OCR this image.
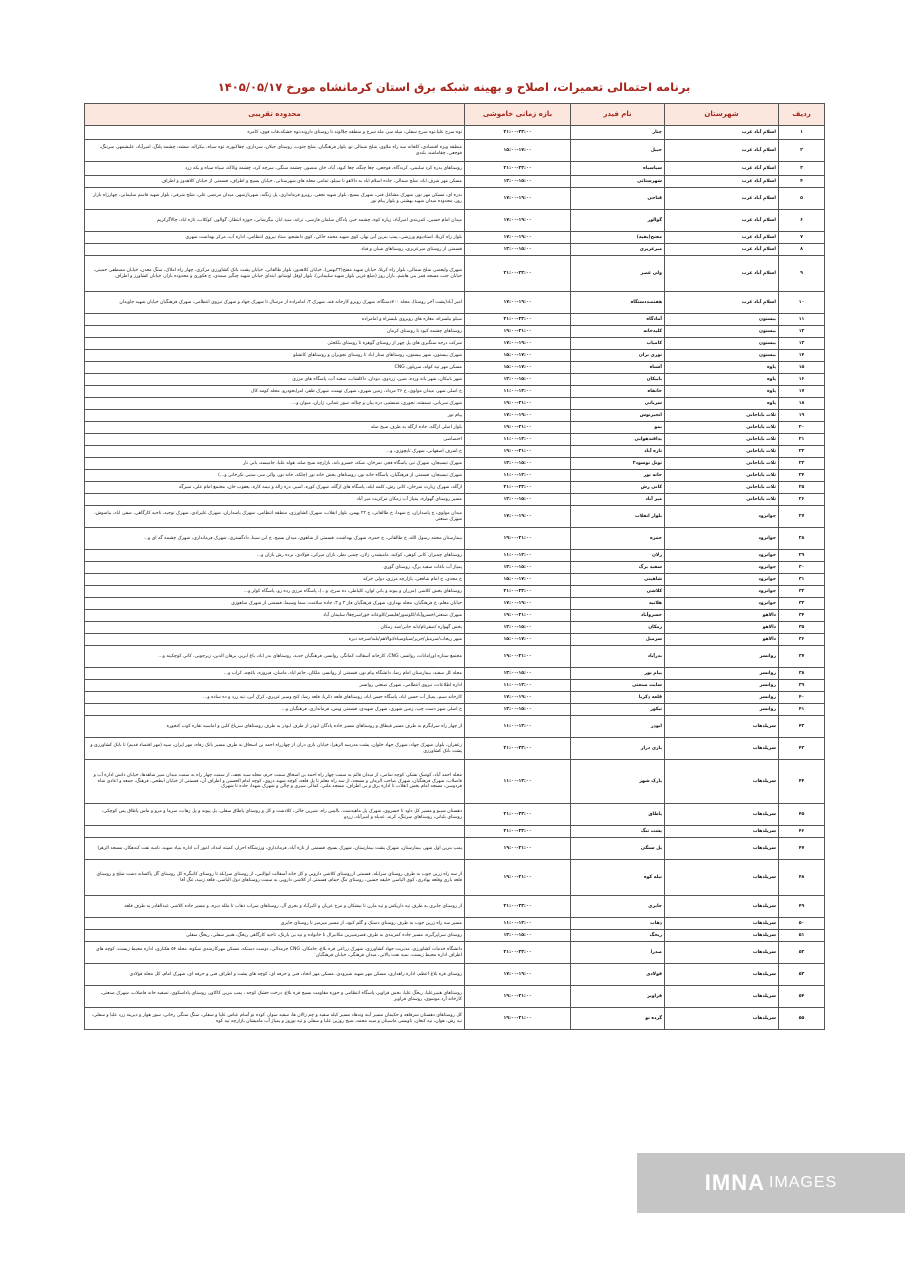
برنامه احتمالی تعمیرات، اصلاح و بهینه شبکه برق استان کرمانشاه مورخ ۱۴۰۵/۰۵/۱۷
ردیف	شهرستان	نام فیدر	بازه زمانی خاموشی	محدوده تقریبی
۱	اسلام آباد غرب	چنار	۲۱:۰۰-۲۳:۰۰	توه سرخ علیا،توه سرخ سفلی، میله سر، مله سرخ و منطقه جلالوند تا روستای داروند،توه خشکه،قاب قوی، کامره
۲	اسلام آباد غرب	حبیل	۱۵:۰۰-۱۷:۰۰	منطقه ویژه اقتصادی، کلخانه سه راه ملاوی، شلخ شمالی نو، بلوار فرهنگیان، شلخ جنوب، روستای جیلان، سرداری، چقاکبوره، توه سیاه، بیکراله، ششه، چشمه پلنگ، امیرآباد، علیشمهر، سرتنگ، فوجعی، چقاماشه، بلندی
۳	اسلام آباد غرب	سیاسیاه	۲۱:۰۰-۲۳:۰۰	روستاهای بدره کرد سلیمی، کرندگاه، فوجعی، چغا چنگه، چغا کبود، آباد، خان منصور، چشمه سنگی، سرچه کرد، چشمه وکاکه، سیاه سیاه و یکه زرد
۴	اسلام آباد غرب	شهرستانی	۱۳:۰۰-۱۵:۰۰	مسکن مهر شرف اباد، شلخ شمالی، جاده اسلام اباد به دالاهو تا سیلو، تمامی محله های شهرستانی، خیابان بسیج و اطراف، قسمتی از خیابان کلاهدوز و اطراف
۵	اسلام آباد غرب	فتاحی	۱۷:۰۰-۱۹:۰۰	بدره ای، مسکن مهر نور، شهرک مشاغل فنی، شهرک بسیج، بلوار شهید نجفی، روبرو فرمانداری، پل زنگنه، شهربازشهر، میدان مرتضی علی، شلخ شرقی، بلوار شهید قاسم سلیمانی، چهارراه بازار روز، محدوده میدان شهید بهشتی و بلوار پیام نور
۶	اسلام آباد غرب	گوالور	۱۷:۰۰-۱۹:۰۰	میدان امام حسین، کمربندی امیرآباد، زیاره کوه، چشمه خیر، پادگان سلمان فارسی، ترانه، سید اباز، بیگرشابی، حوزه انتظار، گوالور، کوکلاب، تازه اباد، چالاگرکریم
۷	اسلام آباد غرب	مفتح(بقیه)	۱۷:۰۰-۱۹:۰۰	بلوار راه کربلا، استادیوم ورزشی، پمپ بنزین آبی بهار، کوی شهید محمد خاکی، کوی دانشجو، ستاد نیروی انتظامی، اداره آب، مرکز بهداشت شهری
۸	اسلام آباد غرب	میرعزیزی	۱۳:۰۰-۱۵:۰۰	قسمتی از روستای میرعزیزی، روستاهای شیان و قباد
۹	اسلام آباد غرب	ولی عصر	۲۱:۰۰-۲۳:۰۰	شهرک ولیعصر، شلخ شمالی، بلوار راه کربلا، خیابان شهید مفتح(۲۲بهمن)، خیابان کلاهدوز، بلوار طالقانی، خیابان پشت بانک کشاورزی مرکزی، چهار راه املاک، سنگ معدن، خیابان مصطفی خمینی، خیابان جنب مسجد قمر بنی هاشم، بازار روز (ضلع غربی بلوار شهید سلیمانی)، بلوار اوقل لوشانو، ابتدای خیابان شهید چنگیز صمدی، ح فکوری و محدوده بازار، خیابان کشاورز و اطراف
۱۰	اسلام آباد غرب	هفتصددستگاه	۱۷:۰۰-۱۹:۰۰	امیر آباد(پشت آخر روستا)، محله ۷۰۰دستگاه، شهرک روبرو کارخانه قند، شهرک ۳، امامزاده از مرسال تا شهرک جهاد و شهرک نیروی انتظامی، شهرک فرهنگیان خیابان شهید جاویدان
۱۱	بیستون	آمادگاه	۲۱:۰۰-۲۳:۰۰	سیلو بیلسراه، مغازه های روبروی بلیسراه و امامزاده
۱۲	بیستون	کلیدخانه	۱۹:۰۰-۲۱:۰۰	روستاهای چشمه کبود تا روستای کرمان
۱۳	بیستون	کامیاب	۱۷:۰۰-۱۹:۰۰	شرکت درجه سنگبری های پل چهر از روستای گوهره تا روستای بلکجئی
۱۴	بیستون	نوزی بران	۱۵:۰۰-۱۷:۰۰	شهرک بیستون، شهر بیستون، روستاهای ستار اباد تا روستای نجوبران و روستاهای کانشلو
۱۵	پاوه	آشناه	۱۵:۰۰-۱۷:۰۰	مسکن مهر تپه کوله، سرپلور، CNG
۱۶	پاوه	بابیکان	۱۳:۰۰-۱۵:۰۰	شهر بابیکان، شهر باته ورده، شین، زردوی، دودان، داکلشاب، سعید آب، پاسگاه های مرزی
۱۷	پاوه	خانقاه	۱۱:۰۰-۱۳:۰۰	خ اصلی شهر، میدان مولوی، خ ۲۶ مرداد، زمین شهری، شهرک تهمت، شهرک ظفر، امرابخودرو، محله کومه کال
۱۸	پاوه	سریانی	۱۹:۰۰-۲۱:۰۰	شهرک سریانی، شمشه، نجوری، شمشیر، دره بیان و چناله، سور عمانی، ژاران، میوان و...
۱۹	ثلاث باباجانی	انجیرنوس	۱۷:۰۰-۱۹:۰۰	پیام نور
۲۰	ثلاث باباجانی	بمو	۱۹:۰۰-۲۱:۰۰	بلوار اصلی ازگله، جاده ازگله به طرف شیخ صله
۲۱	ثلاث باباجانی	پدافندهوایی	۱۱:۰۰-۱۳:۰۰	اختصاصی
۲۲	ثلاث باباجانی	تازه آباد	۱۹:۰۰-۲۱:۰۰	خ اشرف اصفهانی، شهرک تایچوزی، و...
۲۳	ثلاث باباجانی	تونل نوسود۲	۱۳:۰۰-۱۵:۰۰	شهرک تیسبجان، شهرک تیر، پاسگاه فجر، نمرخان، شکه، خسرو بانه، بازارچه شیخ صله، هوله علیا، جامیسه، بانی نار
۲۴	ثلاث باباجانی	خانه نور	۱۱:۰۰-۱۳:۰۰	شهرک تیسبجان، قسمتی از فرهنگیان، پاسگاه خانه نور، روستاهای بخش خانه نور (چلکه، خانه نور، والی سر، سنبی تکرخانی و...)
۲۵	ثلاث باباجانی	کانی رش	۲۱:۰۰-۲۳:۰۰	ازگله، شهرک زیارت نمرخان، کانی رش، کلمه ایله، پاسگاه های ازگله، شهرک کوره، اسیر، دره زاله و نیمه کاره، یعقوب خان، مجتمع امام علی، سیرگه
۲۶	ثلاث باباجانی	میر آباد	۱۳:۰۰-۱۵:۰۰	مسیر روستای گهواره، پمپاژ آب زمکان مرکزیت میر آباد
۲۷	جوانرود	بلوار انقلاب	۱۷:۰۰-۱۹:۰۰	میدان مولوی، خ پاسداران، خ شهدا، خ طالقانی، خ ۲۲ بهمن، بلوار انقلاب، شهرک کشاورزی، منطقه انتظامی، شهرک پاسداران، شهرک علیرادی، شهرک توحید، ناحیه کارگاهی، صفی اباد، بیاشوش، شهرک صنعتی
۲۸	جوانرود	حمزه	۱۹:۰۰-۲۱:۰۰	بیمارستان محمد رسول الله، خ طالقانی، خ حمزه، شهرک بهداشت، قسمتی از شاهوی، میدان بسیج، خ ابن سینا، دادگستری، شهرک فرمانداری، شهرک چشمه گه ای و...
۲۹	جوانرود	زلان	۱۱:۰۰-۱۳:۰۰	روستاهای چمبراز، کانی کوهی، کوکبه، مامیشدر، زلان، چمنی نظر، بازان میرکی، فولادی، بزده رش بازان و...
۳۰	جوانرود	سفید برگ	۱۳:۰۰-۱۵:۰۰	پمپاژ آب باغات سفید برگ، روستای گوری
۳۱	جوانرود	شاهینی	۱۵:۰۰-۱۷:۰۰	خ مجدی، خ امام شافعی، بازارچه مرزی، دولی خرکه
۳۲	جوانرود	کلاشی	۲۱:۰۰-۲۳:۰۰	روستاهای بخش کلاشی (مزران و بیوند و بانی لوان، کلیاطی، ده سرخ، و...)، پاسگاه مرزی رده رو، پاسگاه کولر و...
۳۳	جوانرود	هلانیه	۱۷:۰۰-۱۹:۰۰	خیابان معلم، خ فرهنگیان، محله بهداری، شهرک فرهنگیان فاز ۲ و ۳، جاده سلامت، سما وسیما، قسمتی از شهرک شاهوزی
۳۴	دالاهو	خسروآباد	۱۹:۰۰-۲۱:۰۰	شهرک صنعتی/خسروآباد/کلوسور/قلیسر/کلوعانه خور/سرچغا/ سلیمان آباد
۳۵	دالاهو	زمکان	۱۳:۰۰-۱۵:۰۰	بخش گهواره /صفرنام/بابه خانی/سد زمکان
۳۶	دالاهو	سرمیل	۱۵:۰۰-۱۷:۰۰	شهر ریجاب/سرمیل/جریر/سیاوسیاه/نوالاهم/بلبه/سرخه دیزه
۳۷	روانسر	بدرآباد	۱۹:۰۰-۲۱:۰۰	مجتمع ستاره اورامانات، روانسر، CNG، کارخانه آسفالت کمانگر، روانسر، فرهنگیان جدید، روستاهای بدر اباد، باغ ابریز، برهان الدین، زیرجوبی، کانی کوچکینه و...
۳۸	روانسر	پیام نور	۱۳:۰۰-۱۵:۰۰	محله کل سفید، بیمارستان امام رضا، دانشگاه پیام نور، قسمتی از روانسر، ملکان، حاتم اباد، ماسان، فیروزه، باغچه، کراب و...
۳۹	روانسر	سایت صنعتی	۱۱:۰۰-۱۳:۰۰	اداره اطلاعات، نیروی انتظامی، شهرک صنعتی روانسر
۴۰	روانسر	قلعه ذکریا	۱۷:۰۰-۱۹:۰۰	کارخانه سیم، پمپاژ آب حسن اباد، پاسگاه حسن اباد، روستاهای قلعه ذکریا، قلعه رشا، کنج وسیر عزیزی، کرک آبی، تپه زرد و ده ساده و...
۴۱	روانسر	نیکور	۱۳:۰۰-۱۵:۰۰	خ اصلی شهر دست چپ، زمین شهری، شهرک شهیدی، قسمتی وپس، فرمانداری، فرهنگیان و...
۴۲	سرپلذهاب	ابوذر	۱۱:۰۰-۱۳:۰۰	از چهار راه سرابگرم به طرف مسیر قیطاق و روستاهای مسیر جاده پادگان ابوذر از طرف ابوذر به طرف روستاهای سرپاغ کلین و اماسیه تفاره کوب کنجوره
۴۳	سرپلذهاب	بازی دراز	۲۱:۰۰-۲۳:۰۰	زعفران، بلوار، شهرک جهاد، شهرک جهاد خلوان، پشت مدرسه الزهرا، خیابان بازی دراز، از چهارراه احمد بن اسحاق به طرف مسیر بانک رفاه، مهر ایران، سپه (مهر اقتصاد قدیم) تا بانک کشاورزی و پشت بانک کشاورزی
۴۴	سرپلذهاب	پارک شهر	۱۱:۰۰-۱۳:۰۰	محله احمد آباد، کوشک نشکر، کوچه تمامی، از میدان قائم به سمت چهار راه احمد بن اسحاق سمت حرم، محله سید نجف، از سمت چهار راه به سمت میدان سیر شاهدها، خیابان دانش اداره آب و فاضلاب، شهرک فرهنگیان، شهرک صاحب الزمان و مسجد، از سه راه معلم تا پل قلعه، کوچه شهید دروی، کوچه امام الحسین و اطراف آن، قسمتی از خیابان ابطحی، فرهنگ، جمعه و اعادی شاه فردوسی، مسجد امام بخش انقلاب تا اداره برق و بی اطراف، مسجد ملتی، کمالی سیری و چالی و شهرک شهدا، جاده تا شهرک
۴۵	سرپلذهاب	پاطاق	۲۱:۰۰-۲۳:۰۰	دهستان شیبو و مسیر کل داود تا خسروی، شهرک پل ماهیدشت، یالیس راه، شیرین خالی، کلادشت و کل و روستای پاطاق سفلی، پل پیونه و پل زهاب، سرما و مرو و ماس پاطاق پس کوچکی، روستای بلبانی، روستاهای سرتنگ، کرند، عدیله و امیرآباد، زردو
۴۶	سرپلذهاب	پشت تنگ	۲۱:۰۰-۲۳:۰۰	
۴۷	سرپلذهاب	پل سنگی	۱۹:۰۰-۲۱:۰۰	پمپ بنزین اول شهر، بیمارستان، شهرک پشت بیمارستان، شهرک بسیج، قسمتی از تازه آباد، فرمانداری، ورزشگاه احرار، کمیته امداد، امور آب اداره بنیاد شهید، نامیه نفت کندهکار، مسجد الزهرا
۴۸	سرپلذهاب	نیله کوه	۱۹:۰۰-۲۱:۰۰	از سه راه زرین جوب به طرف روستای سرابله، قسمتی ازروستای کلاشی دارویی و کل خانه آسفالت ابوالنبی، از روستای سرابله تا روستای کانیگره کل روستای گل پاکسانه دشت شلخ و روستای قلعه یاری وقلعه بهادری، کوی الیاسی خلیفه حسین، روستای تنگ حمام، قسمتی از کلاشی دارویی به سمت روستاهای دول الیاسی، قلعه زنبید، تنگ آقا
۴۹	سرپلذهاب	جابری	۲۱:۰۰-۲۳:۰۰	از روستای جابری به طرف تپه داریکش و تپه مارن تا نیشکان و مرخ عزیان و اکبرآباد و بحری آل، روستاهای سراب ذهاب تا ملله دیزه، و مسیر جاده کلاشی عبدالقادر به طرف قلعه
۵۰	سرپلذهاب	ذهاب	۱۱:۰۰-۱۳:۰۰	مسیر سه راه زرین جوب به طرف روستای دستک و گلم کبود، از مسیر میرمیر تا روستای جابری
۵۱	سرپلذهاب	ریخگ	۱۳:۰۰-۱۵:۰۰	روستای سراپرگیزه، مسیر جاده کمربندی به طرف قصرشیرین مکانیزال تا خانواده و تپه بی بارنک، ناحیه کارگاهی ریخگ، هنبیر سفلی، ریخگ سفلی
۵۲	سرپلذهاب	صدرا	۲۱:۰۰-۲۳:۰۰	دانشگاه خدمات کشاورزی، مدیریت جهاد کشاورزی، شهرک زراعی قره بلاغ، جامکان، CNG جرمدالی، دوست دستکه، مسکن مهرکارمندی شکوه، محله ۵۴ هکتاری، اداره محیط زیست، کوچه های اطراف اداره محیط زیست، نمیه نفت پالانی، میدان فرهنگی، خیابان فرهنگیان
۵۳	سرپلذهاب	فولادی	۱۷:۰۰-۱۹:۰۰	روستای قره بلاغ اعظم، اداره راهداری، مسکن مهر شهید شیرودی، مسکن مهر اتحاد، فنی و حرفه ای، کوچه های پشت و اطراف فنی و حرفه ای، شهرک امام، کل محله فولادی
۵۴	سرپلذهاب	قراویز	۱۹:۰۰-۲۱:۰۰	روستاهای هنبیرعلیا، ریخگ علیا، بخش قراویز، پاسگاه انتظامی و حوزه مقاومت بسیج قره بلاغ، درخت خشک کوجه ، پمپ بنزین کاکاور، روستای پاداسکوی، تصفیه خانه فاضلاب، شهرک صنعتی، کارخانه آرد موسوی، روستای قراویز
۵۵	سرپلذهاب	گرده نو	۱۹:۰۰-۲۱:۰۰	کل روستاهای دهستان سرقلعه و حکیمان مسیر آبنه وندهاد مسیر کیله سفید و چم زالان ها، سفید سوار، کوده تو آسام عباس علیا و سفلی، سنگ سنگی رخانی، سور هوار و دیرینه زرد علیا و سفلی، نیه رش، هوان، تپه کنعان، تاویسی ماسینان و سید محمد، شیخ روزین علیا و سفلی و تپه نوروز و پمپاژ آب مامیشان بازارچه تپه کوه
IMNA IMAGES
